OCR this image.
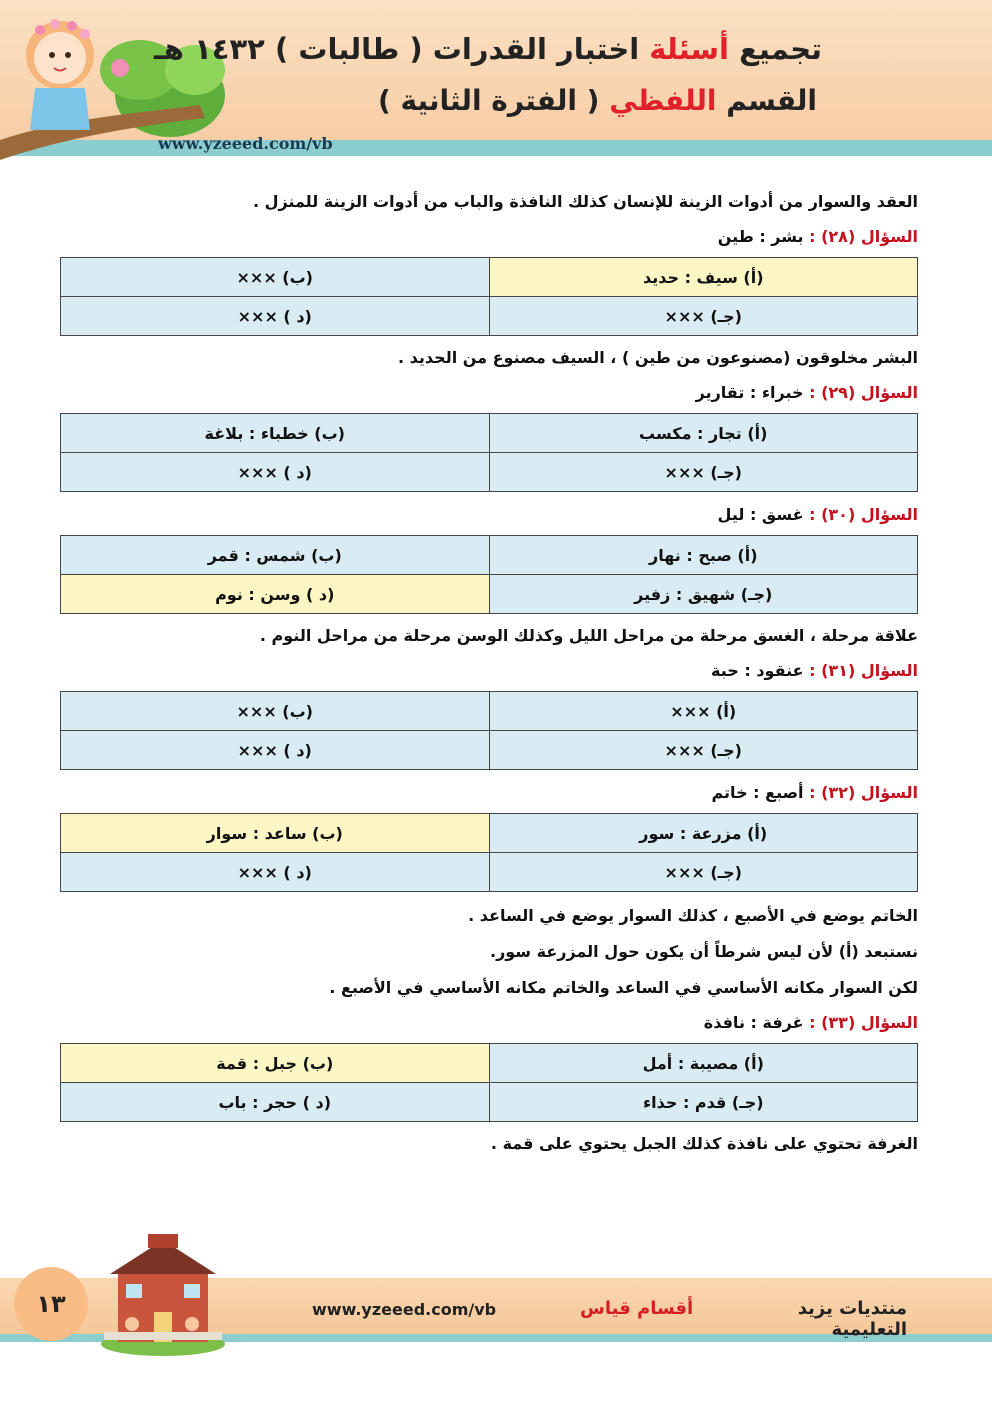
تجميع أسئلة اختبار القدرات ( طالبات ) ١٤٣٢ هـ
القسم اللفظي ( الفترة الثانية )
www.yzeeed.com/vb
العقد والسوار من أدوات الزينة للإنسان كذلك النافذة والباب من أدوات الزينة للمنزل .
السؤال (٢٨) : بشر : طين
(أ) سيف : حديد	(ب) ×××
(جـ) ×××	(د ) ×××
البشر مخلوقون (مصنوعون من طين ) ، السيف مصنوع من الحديد .
السؤال (٢٩) : خبراء : تقارير
(أ) تجار : مكسب	(ب) خطباء : بلاغة
(جـ) ×××	(د ) ×××
السؤال (٣٠) : غسق : ليل
(أ) صبح : نهار	(ب) شمس : قمر
(جـ) شهيق : زفير	(د ) وسن : نوم
علاقة مرحلة ، الغسق مرحلة من مراحل الليل وكذلك الوسن مرحلة من مراحل النوم .
السؤال (٣١) : عنقود : حبة
(أ) ×××	(ب) ×××
(جـ) ×××	(د ) ×××
السؤال (٣٢) : أصبع : خاتم
(أ) مزرعة : سور	(ب) ساعد : سوار
(جـ) ×××	(د ) ×××
الخاتم يوضع في الأصبع ، كذلك السوار يوضع في الساعد .
نستبعد (أ) لأن ليس شرطاً أن يكون حول المزرعة سور.
لكن السوار مكانه الأساسي في الساعد والخاتم مكانه الأساسي في الأصبع .
السؤال (٣٣) : غرفة : نافذة
(أ) مصيبة : أمل	(ب) جبل : قمة
(جـ) قدم : حذاء	(د ) حجر : باب
الغرفة تحتوي على نافذة كذلك الجبل يحتوي على قمة .
١٣	www.yzeeed.com/vb	أقسام قياس	منتديات يزيد التعليمية
